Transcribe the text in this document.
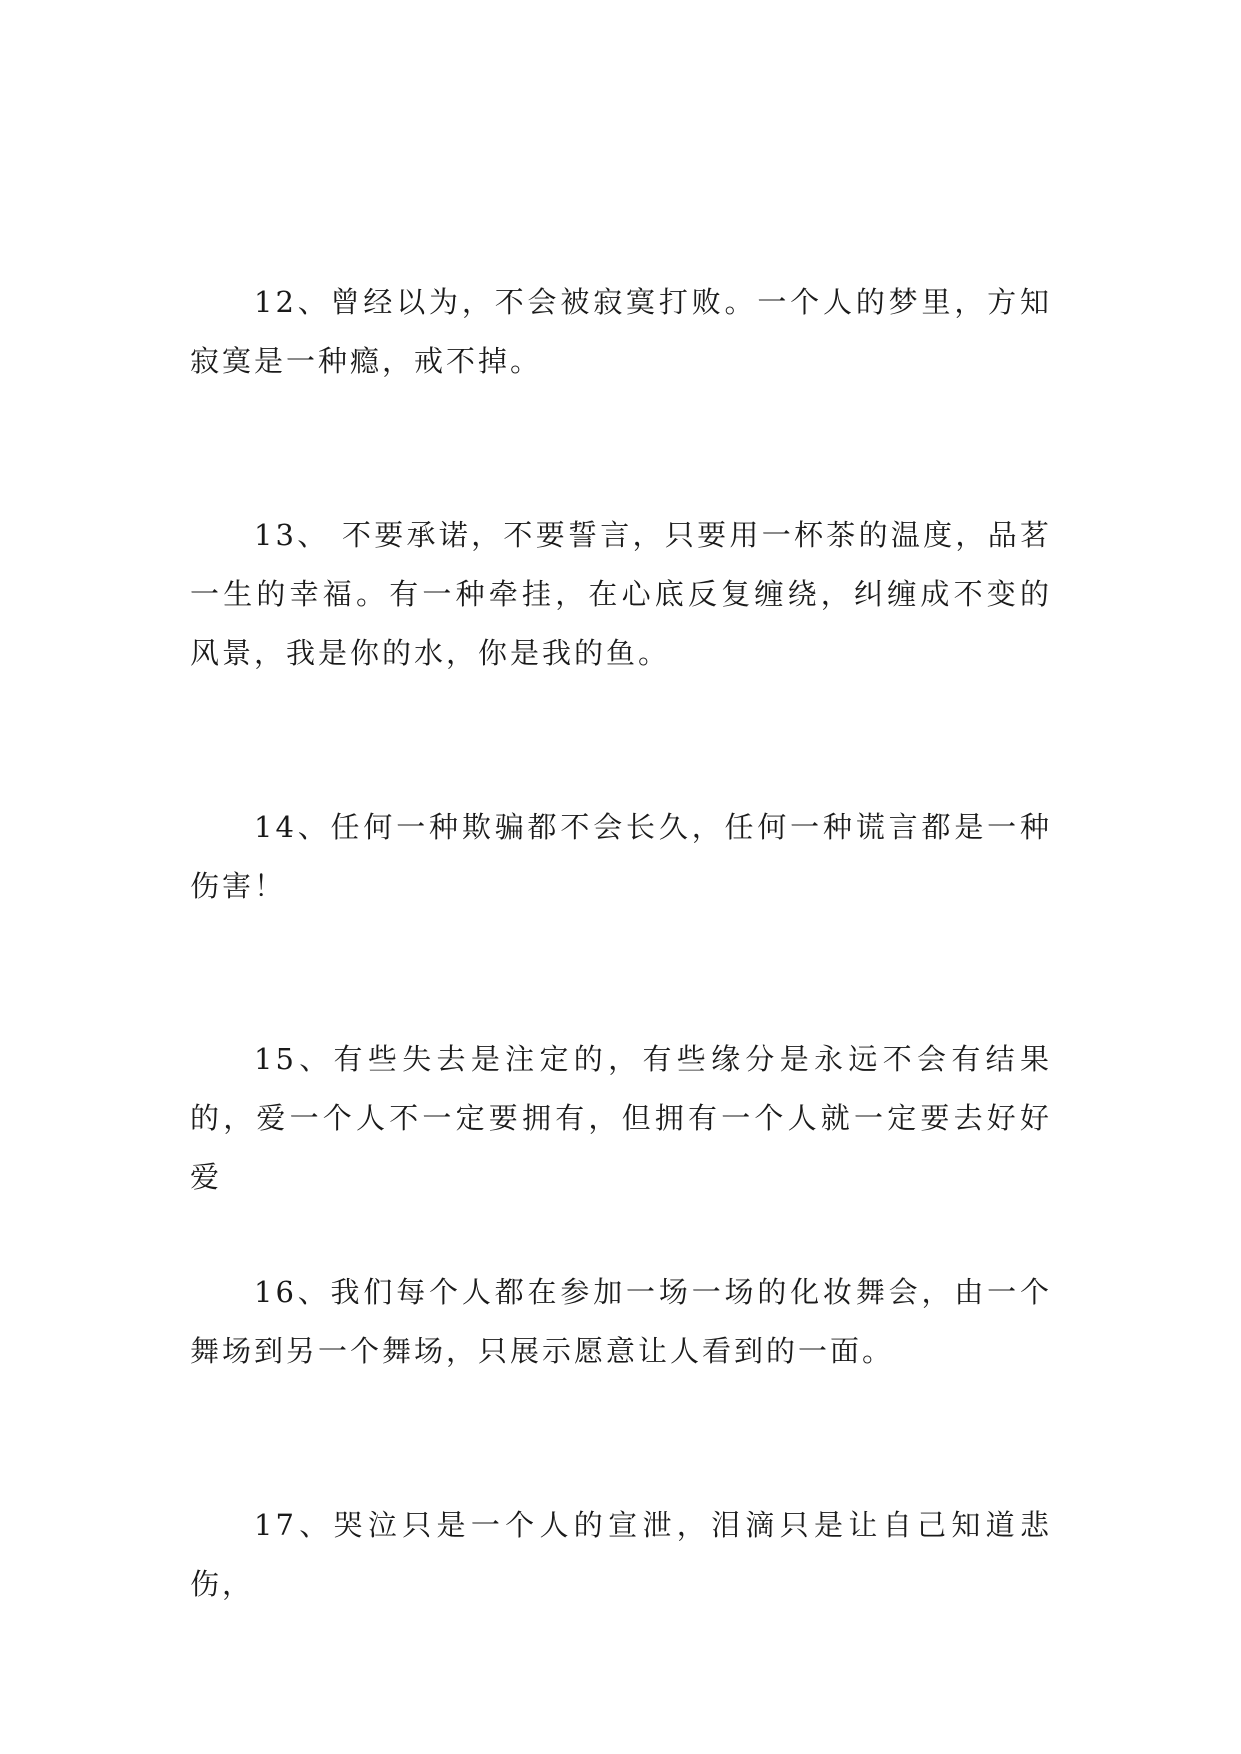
12、曾经以为，不会被寂寞打败。一个人的梦里，方知寂寞是一种瘾，戒不掉。

13、 不要承诺，不要誓言，只要用一杯茶的温度，品茗一生的幸福。有一种牵挂，在心底反复缠绕，纠缠成不变的风景，我是你的水，你是我的鱼。

14、任何一种欺骗都不会长久，任何一种谎言都是一种伤害！

15、有些失去是注定的，有些缘分是永远不会有结果的，爱一个人不一定要拥有，但拥有一个人就一定要去好好爱

16、我们每个人都在参加一场一场的化妆舞会，由一个舞场到另一个舞场，只展示愿意让人看到的一面。

17、哭泣只是一个人的宣泄，泪滴只是让自己知道悲伤，
